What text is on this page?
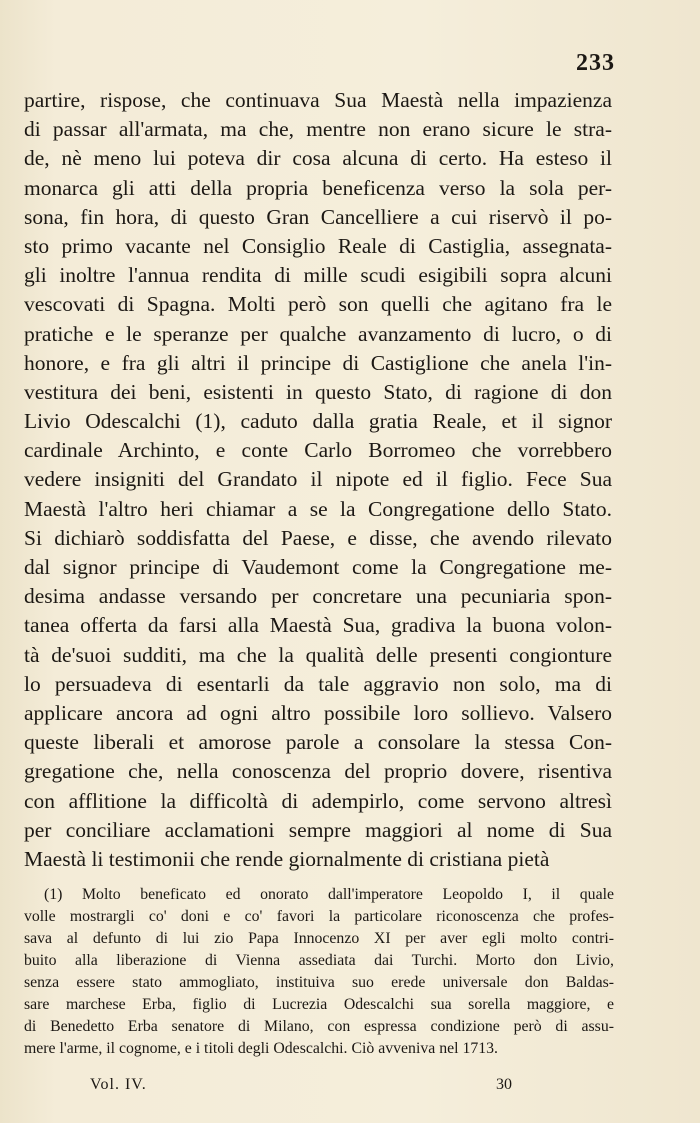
233
partire, rispose, che continuava Sua Maestà nella impazienza
di passar all'armata, ma che, mentre non erano sicure le stra-
de, nè meno lui poteva dir cosa alcuna di certo. Ha esteso il
monarca gli atti della propria beneficenza verso la sola per-
sona, fin hora, di questo Gran Cancelliere a cui riservò il po-
sto primo vacante nel Consiglio Reale di Castiglia, assegnata-
gli inoltre l'annua rendita di mille scudi esigibili sopra alcuni
vescovati di Spagna. Molti però son quelli che agitano fra le
pratiche e le speranze per qualche avanzamento di lucro, o di
honore, e fra gli altri il principe di Castiglione che anela l'in-
vestitura dei beni, esistenti in questo Stato, di ragione di don
Livio Odescalchi (1), caduto dalla gratia Reale, et il signor
cardinale Archinto, e conte Carlo Borromeo che vorrebbero
vedere insigniti del Grandato il nipote ed il figlio. Fece Sua
Maestà l'altro heri chiamar a se la Congregatione dello Stato.
Si dichiarò soddisfatta del Paese, e disse, che avendo rilevato
dal signor principe di Vaudemont come la Congregatione me-
desima andasse versando per concretare una pecuniaria spon-
tanea offerta da farsi alla Maestà Sua, gradiva la buona volon-
tà de'suoi sudditi, ma che la qualità delle presenti congionture
lo persuadeva di esentarli da tale aggravio non solo, ma di
applicare ancora ad ogni altro possibile loro sollievo. Valsero
queste liberali et amorose parole a consolare la stessa Con-
gregatione che, nella conoscenza del proprio dovere, risentiva
con afflitione la difficoltà di adempirlo, come servono altresì
per conciliare acclamationi sempre maggiori al nome di Sua
Maestà li testimonii che rende giornalmente di cristiana pietà
(1) Molto beneficato ed onorato dall'imperatore Leopoldo I, il quale
volle mostrargli co' doni e co' favori la particolare riconoscenza che profes-
sava al defunto di lui zio Papa Innocenzo XI per aver egli molto contri-
buito alla liberazione di Vienna assediata dai Turchi. Morto don Livio,
senza essere stato ammogliato, instituiva suo erede universale don Baldas-
sare marchese Erba, figlio di Lucrezia Odescalchi sua sorella maggiore, e
di Benedetto Erba senatore di Milano, con espressa condizione però di assu-
mere l'arme, il cognome, e i titoli degli Odescalchi. Ciò avveniva nel 1713.
Vol. IV.	30
